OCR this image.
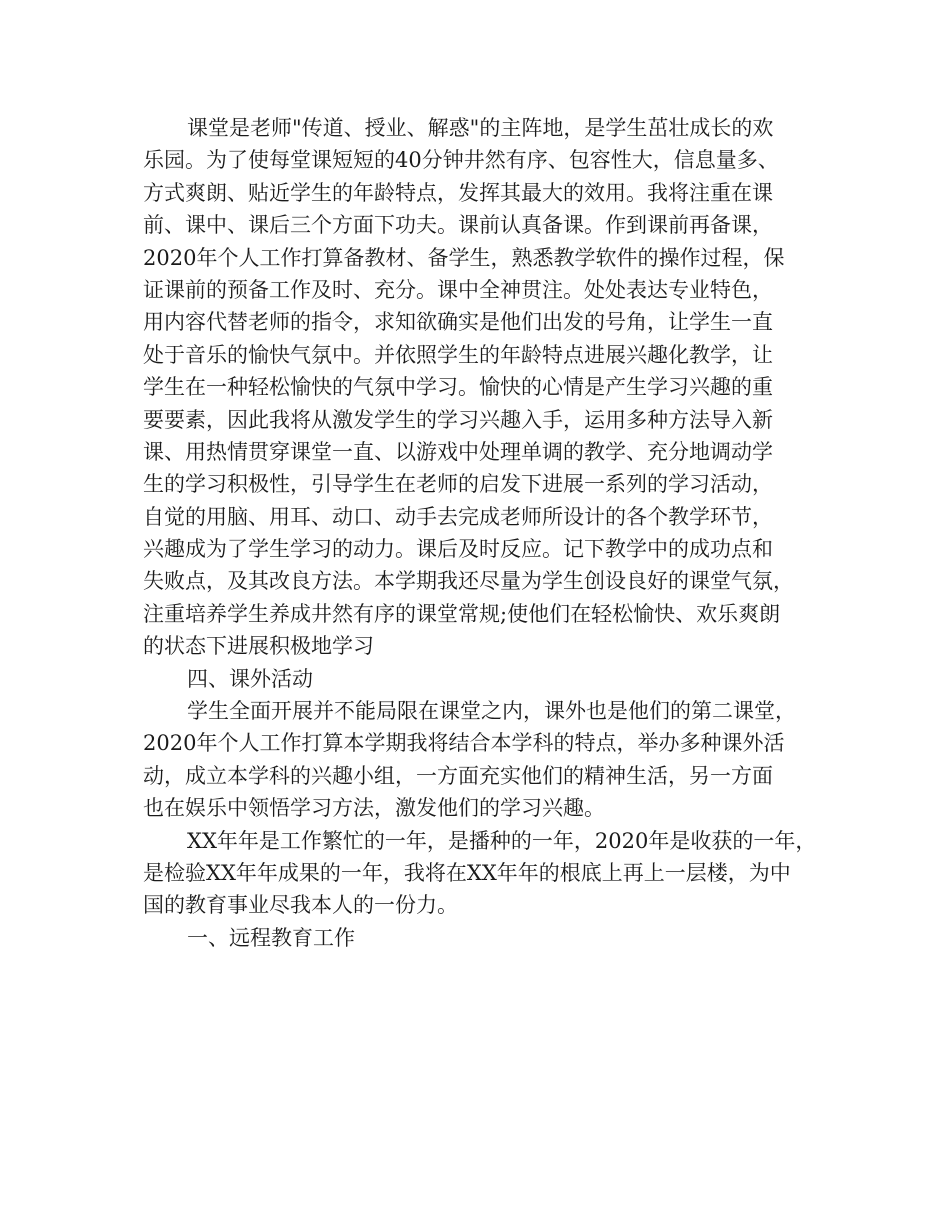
课堂是老师"传道、授业、解惑"的主阵地，是学生茁壮成长的欢
乐园。为了使每堂课短短的40分钟井然有序、包容性大，信息量多、
方式爽朗、贴近学生的年龄特点，发挥其最大的效用。我将注重在课
前、课中、课后三个方面下功夫。课前认真备课。作到课前再备课，
2020年个人工作打算备教材、备学生，熟悉教学软件的操作过程，保
证课前的预备工作及时、充分。课中全神贯注。处处表达专业特色，
用内容代替老师的指令，求知欲确实是他们出发的号角，让学生一直
处于音乐的愉快气氛中。并依照学生的年龄特点进展兴趣化教学，让
学生在一种轻松愉快的气氛中学习。愉快的心情是产生学习兴趣的重
要要素，因此我将从激发学生的学习兴趣入手，运用多种方法导入新
课、用热情贯穿课堂一直、以游戏中处理单调的教学、充分地调动学
生的学习积极性，引导学生在老师的启发下进展一系列的学习活动，
自觉的用脑、用耳、动口、动手去完成老师所设计的各个教学环节，
兴趣成为了学生学习的动力。课后及时反应。记下教学中的成功点和
失败点，及其改良方法。本学期我还尽量为学生创设良好的课堂气氛，
注重培养学生养成井然有序的课堂常规;使他们在轻松愉快、欢乐爽朗
的状态下进展积极地学习
四、课外活动
学生全面开展并不能局限在课堂之内，课外也是他们的第二课堂，
2020年个人工作打算本学期我将结合本学科的特点，举办多种课外活
动，成立本学科的兴趣小组，一方面充实他们的精神生活，另一方面
也在娱乐中领悟学习方法，激发他们的学习兴趣。
XX年年是工作繁忙的一年，是播种的一年，2020年是收获的一年，
是检验XX年年成果的一年，我将在XX年年的根底上再上一层楼，为中
国的教育事业尽我本人的一份力。
一、远程教育工作
